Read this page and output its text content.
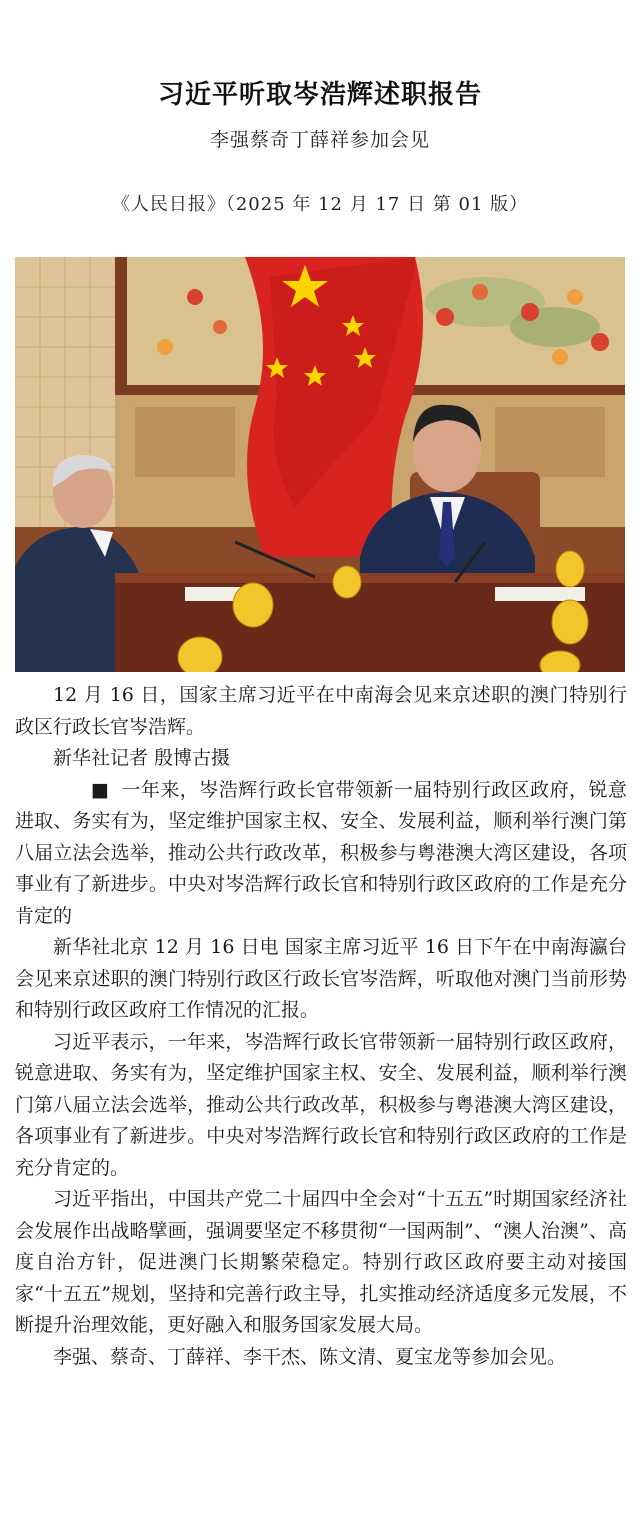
习近平听取岑浩辉述职报告
李强蔡奇丁薛祥参加会见
《人民日报》（2025 年 12 月 17 日 第 01 版）

12 月 16 日，国家主席习近平在中南海会见来京述职的澳门特别行政区行政长官岑浩辉。

新华社记者 殷博古摄

■ 一年来，岑浩辉行政长官带领新一届特别行政区政府，锐意进取、务实有为，坚定维护国家主权、安全、发展利益，顺利举行澳门第八届立法会选举，推动公共行政改革，积极参与粤港澳大湾区建设，各项事业有了新进步。中央对岑浩辉行政长官和特别行政区政府的工作是充分肯定的

新华社北京 12 月 16 日电 国家主席习近平 16 日下午在中南海瀛台会见来京述职的澳门特别行政区行政长官岑浩辉，听取他对澳门当前形势和特别行政区政府工作情况的汇报。

习近平表示，一年来，岑浩辉行政长官带领新一届特别行政区政府，锐意进取、务实有为，坚定维护国家主权、安全、发展利益，顺利举行澳门第八届立法会选举，推动公共行政改革，积极参与粤港澳大湾区建设，各项事业有了新进步。中央对岑浩辉行政长官和特别行政区政府的工作是充分肯定的。

习近平指出，中国共产党二十届四中全会对“十五五”时期国家经济社会发展作出战略擘画，强调要坚定不移贯彻“一国两制”、“澳人治澳”、高度自治方针，促进澳门长期繁荣稳定。特别行政区政府要主动对接国家“十五五”规划，坚持和完善行政主导，扎实推动经济适度多元发展，不断提升治理效能，更好融入和服务国家发展大局。

李强、蔡奇、丁薛祥、李干杰、陈文清、夏宝龙等参加会见。
